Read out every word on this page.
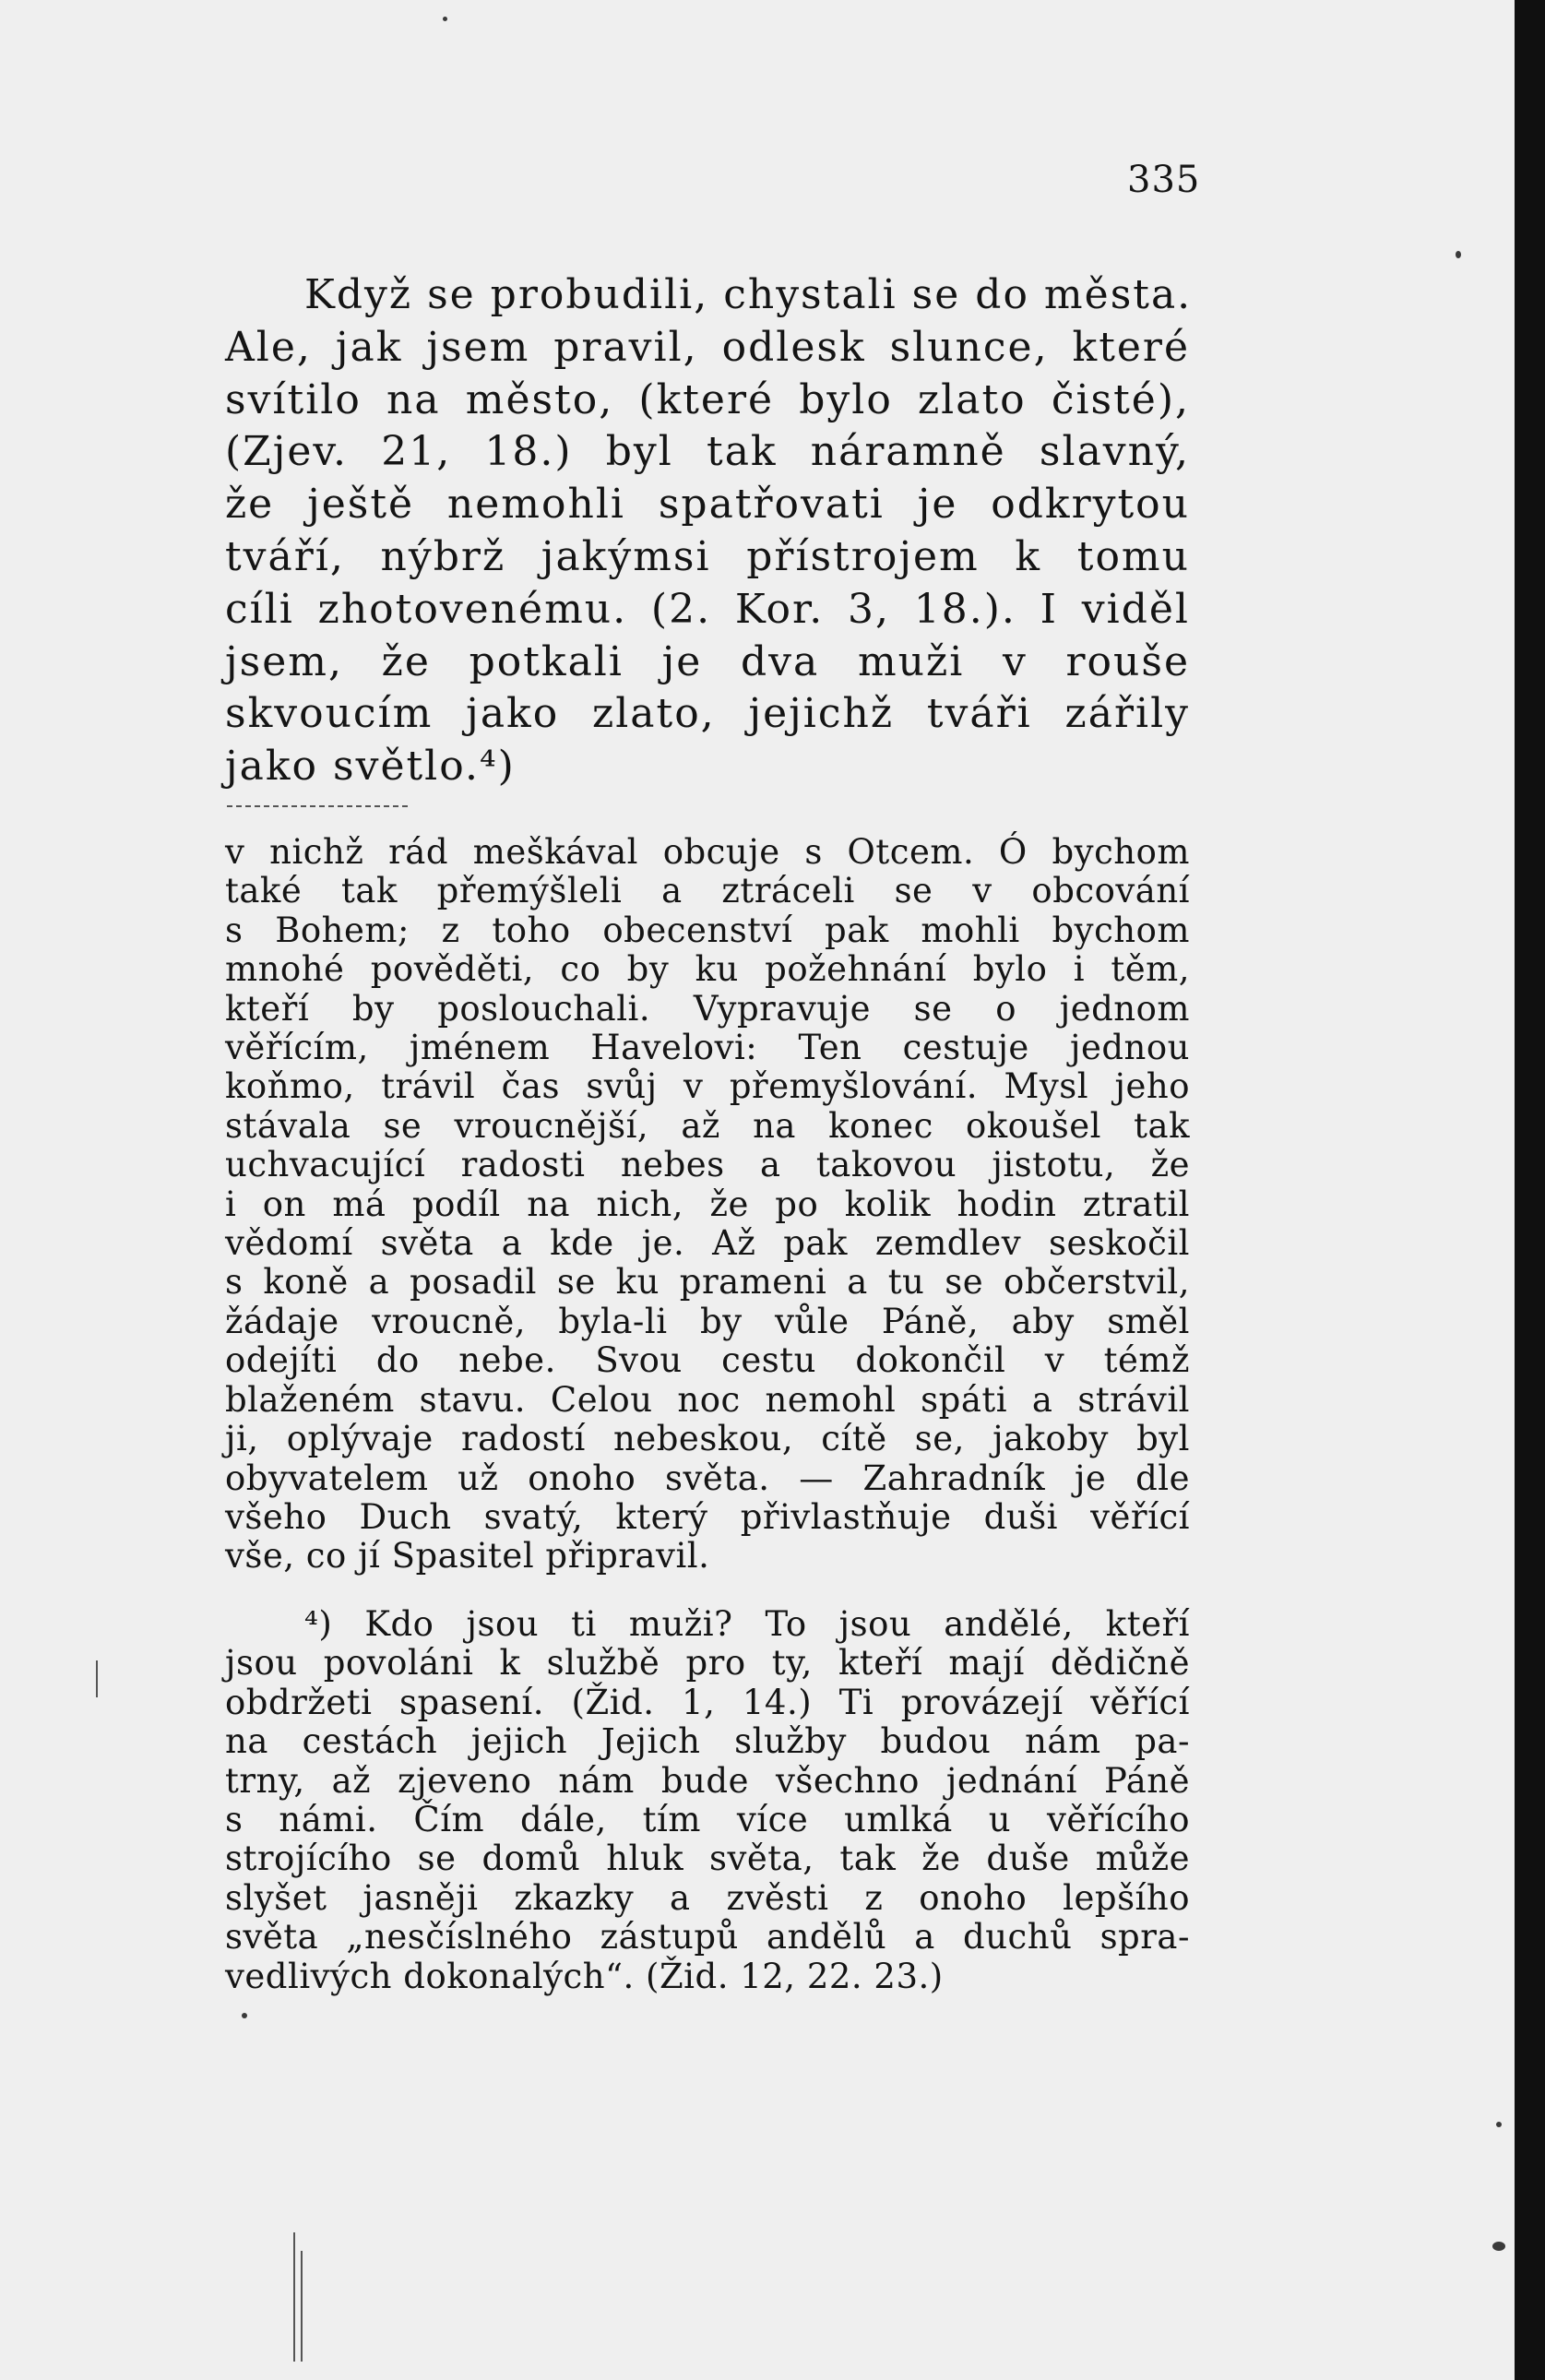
335
Když se probudili, chystali se do města.
Ale, jak jsem pravil, odlesk slunce, které
svítilo na město, (které bylo zlato čisté),
(Zjev. 21, 18.) byl tak náramně slavný,
že ještě nemohli spatřovati je odkrytou
tváří, nýbrž jakýmsi přístrojem k tomu
cíli zhotovenému. (2. Kor. 3, 18.). I viděl
jsem, že potkali je dva muži v rouše
skvoucím jako zlato, jejichž tváři zářily
jako světlo.⁴)
v nichž rád meškával obcuje s Otcem. Ó bychom
také tak přemýšleli a ztráceli se v obcování
s Bohem; z toho obecenství pak mohli bychom
mnohé pověděti, co by ku požehnání bylo i těm,
kteří by poslouchali. Vypravuje se o jednom
věřícím, jménem Havelovi: Ten cestuje jednou
koňmo, trávil čas svůj v přemyšlování. Mysl jeho
stávala se vroucnější, až na konec okoušel tak
uchvacující radosti nebes a takovou jistotu, že
i on má podíl na nich, že po kolik hodin ztratil
vědomí světa a kde je. Až pak zemdlev seskočil
s koně a posadil se ku prameni a tu se občerstvil,
žádaje vroucně, byla-li by vůle Páně, aby směl
odejíti do nebe. Svou cestu dokončil v témž
blaženém stavu. Celou noc nemohl spáti a strávil
ji, oplývaje radostí nebeskou, cítě se, jakoby byl
obyvatelem už onoho světa. — Zahradník je dle
všeho Duch svatý, který přivlastňuje duši věřící
vše, co jí Spasitel připravil.
⁴) Kdo jsou ti muži? To jsou andělé, kteří
jsou povoláni k službě pro ty, kteří mají dědičně
obdržeti spasení. (Žid. 1, 14.) Ti provázejí věřící
na cestách jejich Jejich služby budou nám pa-
trny, až zjeveno nám bude všechno jednání Páně
s námi. Čím dále, tím více umlká u věřícího
strojícího se domů hluk světa, tak že duše může
slyšet jasněji zkazky a zvěsti z onoho lepšího
světa „nesčíslného zástupů andělů a duchů spra-
vedlivých dokonalých“. (Žid. 12, 22. 23.)
